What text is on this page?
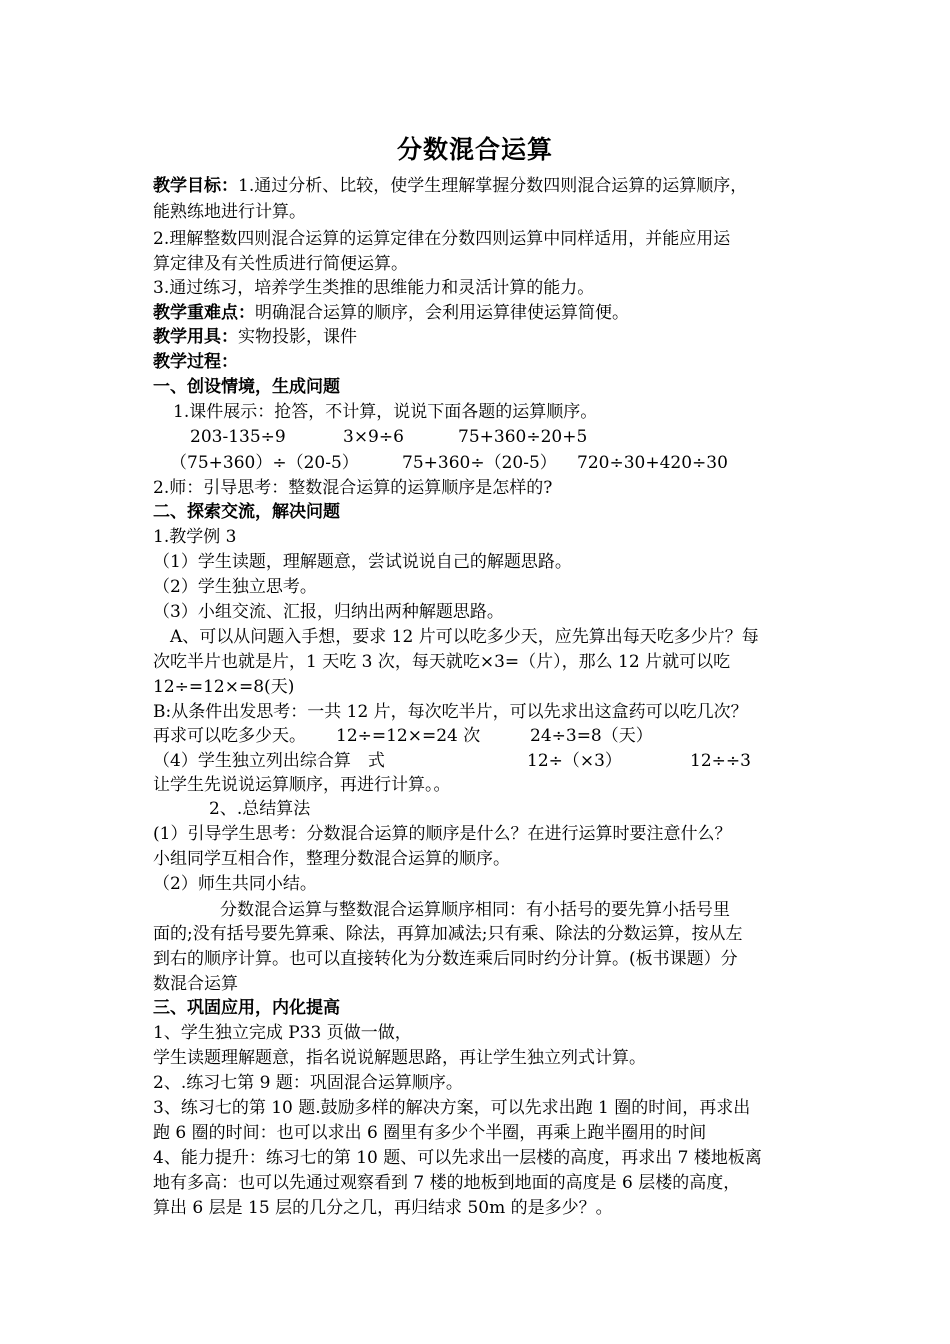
分数混合运算
教学目标：1.通过分析、比较，使学生理解掌握分数四则混合运算的运算顺序，
能熟练地进行计算。
2.理解整数四则混合运算的运算定律在分数四则运算中同样适用，并能应用运
算定律及有关性质进行简便运算。
3.通过练习，培养学生类推的思维能力和灵活计算的能力。
教学重难点：明确混合运算的顺序，会利用运算律使运算简便。
教学用具：实物投影，课件
教学过程：
一、创设情境，生成问题
1.课件展示：抢答，不计算，说说下面各题的运算顺序。
203-135÷9	3×9÷6	75+360÷20+5
（75+360）÷（20-5）	75+360÷（20-5） 720÷30+420÷30
2.师：引导思考：整数混合运算的运算顺序是怎样的?
二、探索交流，解决问题
1.教学例 3
（1）学生读题，理解题意，尝试说说自己的解题思路。
（2）学生独立思考。
（3）小组交流、汇报，归纳出两种解题思路。
A、可以从问题入手想，要求 12 片可以吃多少天，应先算出每天吃多少片？每
次吃半片也就是片，1 天吃 3 次，每天就吃×3=（片），那么 12 片就可以吃
12÷=12×=8(天)
B:从条件出发思考：一共 12 片，每次吃半片，可以先求出这盒药可以吃几次？
再求可以吃多少天。 12÷=12×=24 次	24÷3=8（天）
（4）学生独立列出综合算　式	12÷（×3）	12÷÷3
让学生先说说运算顺序，再进行计算。。
2、.总结算法
(1）引导学生思考：分数混合运算的顺序是什么？在进行运算时要注意什么？
小组同学互相合作，整理分数混合运算的顺序。
（2）师生共同小结。
分数混合运算与整数混合运算顺序相同：有小括号的要先算小括号里
面的;没有括号要先算乘、除法，再算加减法;只有乘、除法的分数运算，按从左
到右的顺序计算。也可以直接转化为分数连乘后同时约分计算。(板书课题）分
数混合运算
三、巩固应用，内化提高
1、学生独立完成 P33 页做一做，
学生读题理解题意，指名说说解题思路，再让学生独立列式计算。
2、.练习七第 9 题：巩固混合运算顺序。
3、练习七的第 10 题.鼓励多样的解决方案，可以先求出跑 1 圈的时间，再求出
跑 6 圈的时间：也可以求出 6 圈里有多少个半圈，再乘上跑半圈用的时间
4、能力提升：练习七的第 10 题、可以先求出一层楼的高度，再求出 7 楼地板离
地有多高：也可以先通过观察看到 7 楼的地板到地面的高度是 6 层楼的高度，
算出 6 层是 15 层的几分之几，再归结求 50m 的是多少？。
